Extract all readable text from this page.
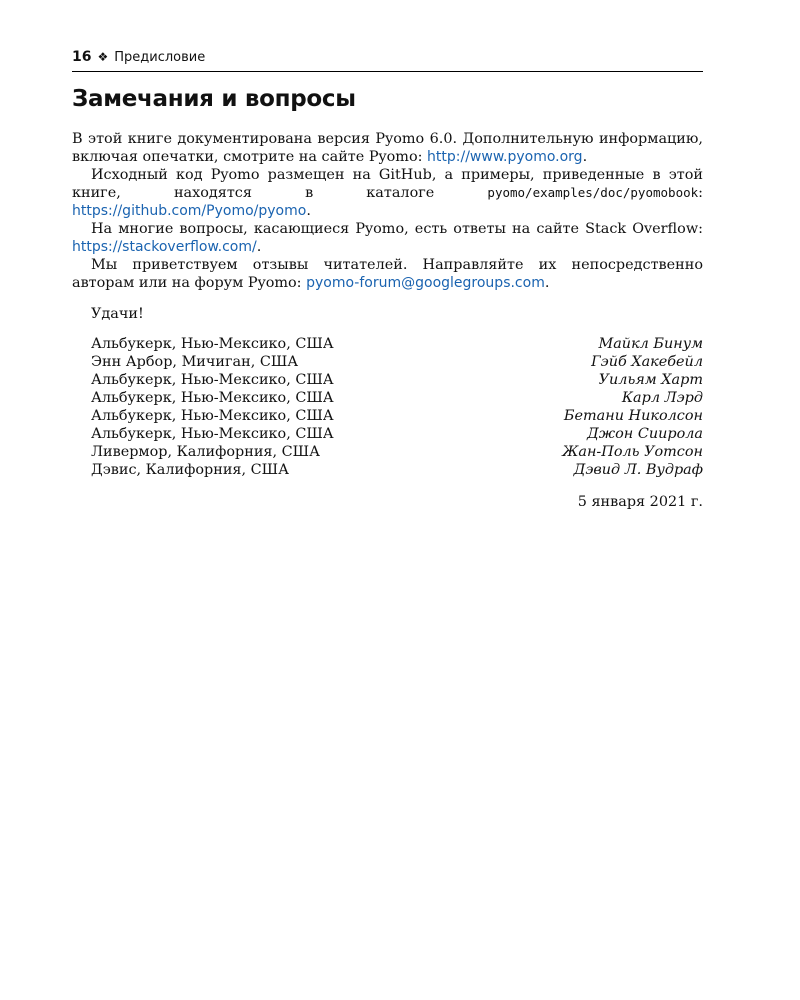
16 ❖ Предисловие
Замечания и вопросы

В этой книге документирована версия Pyomo 6.0. Дополнительную информацию, включая опечатки, смотрите на сайте Pyomo: http://www.pyomo.org.

Исходный код Pyomo размещен на GitHub, а примеры, приведенные в этой книге, находятся в каталоге pyomo/examples/doc/pyomobook: https://github.com/Pyomo/pyomo.

На многие вопросы, касающиеся Pyomo, есть ответы на сайте Stack Overflow: https://stackoverflow.com/.

Мы приветствуем отзывы читателей. Направляйте их непосредственно авторам или на форум Pyomo: pyomo-forum@googlegroups.com.

Удачи!

Альбукерк, Нью-Мексико, США	Майкл Бинум
Энн Арбор, Мичиган, США	Гэйб Хакебейл
Альбукерк, Нью-Мексико, США	Уильям Харт
Альбукерк, Нью-Мексико, США	Карл Лэрд
Альбукерк, Нью-Мексико, США	Бетани Николсон
Альбукерк, Нью-Мексико, США	Джон Сиирола
Ливермор, Калифорния, США	Жан-Поль Уотсон
Дэвис, Калифорния, США	Дэвид Л. Вудраф
5 января 2021 г.
